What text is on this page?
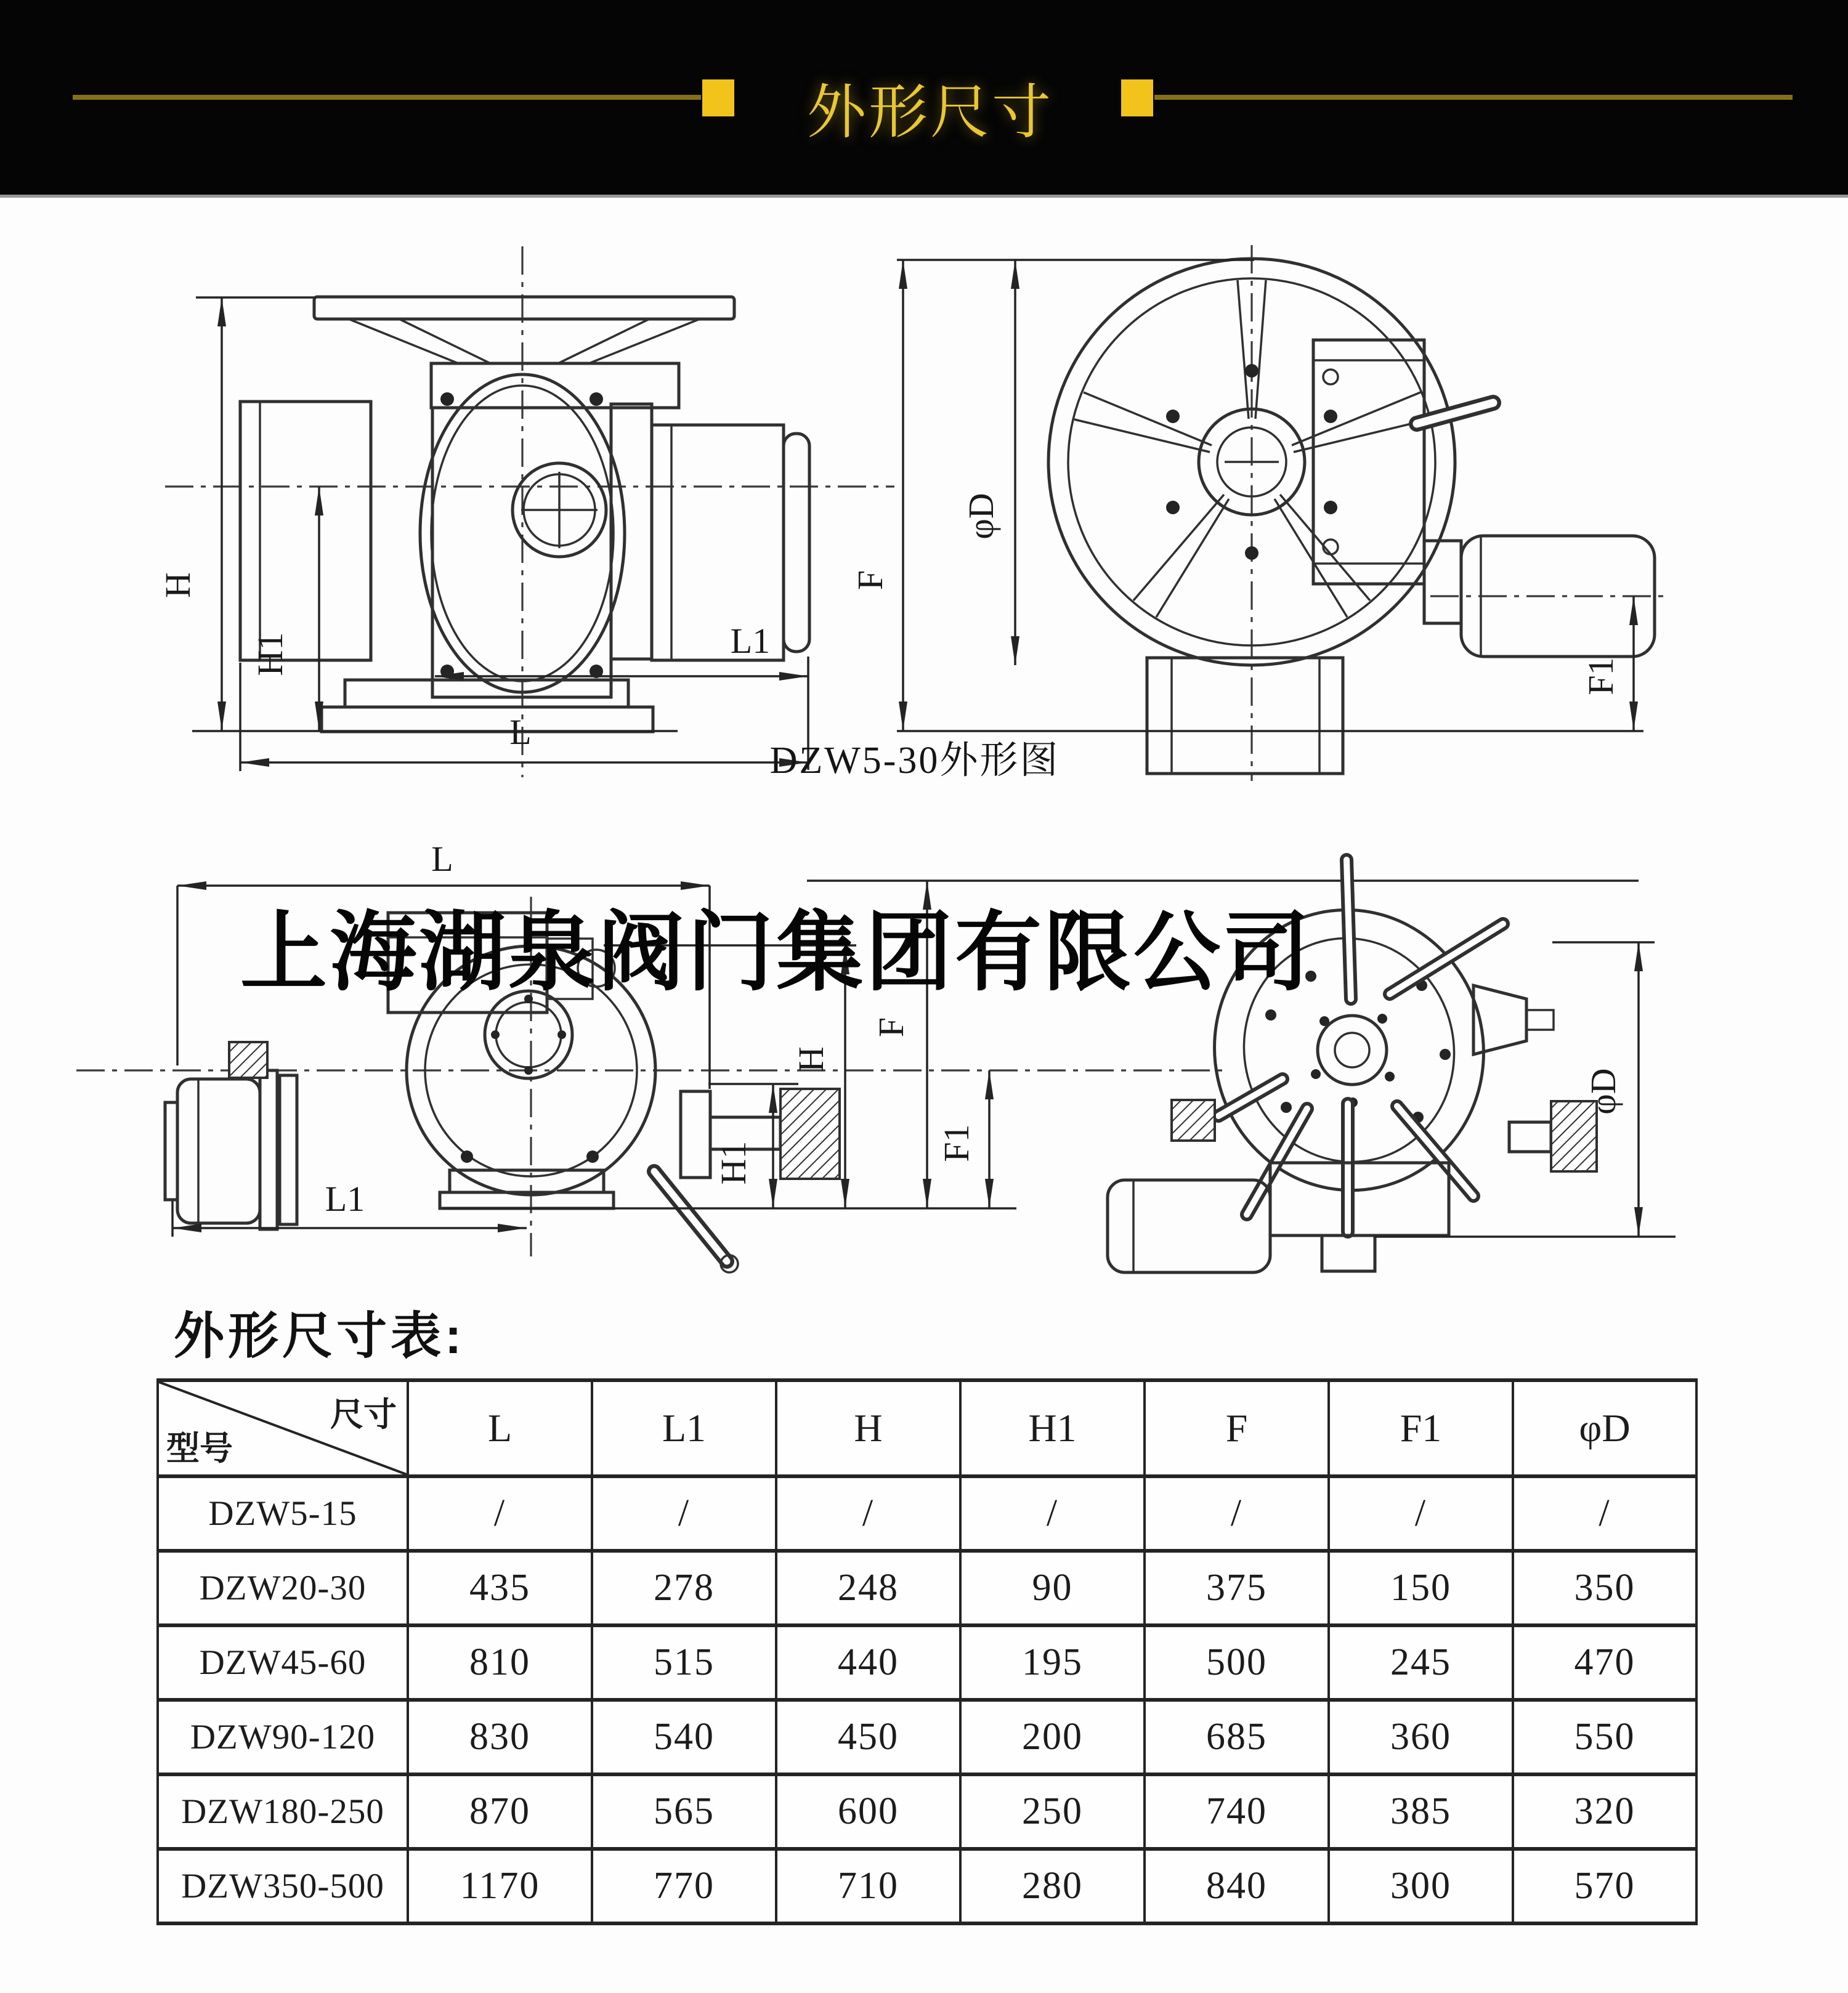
外形尺寸
H
H1	L1
L
F
φD
F1
DZW5-30外形图
L
L1
H
H1
F
F1
φD
上海湖泉阀门集团有限公司
外形尺寸表:
尺寸
型号	L	L1	H	H1	F	F1	φD
DZW5-15	/	/	/	/	/	/	/
DZW20-30	435	278	248	90	375	150	350
DZW45-60	810	515	440	195	500	245	470
DZW90-120	830	540	450	200	685	360	550
DZW180-250	870	565	600	250	740	385	320
DZW350-500	1170	770	710	280	840	300	570
